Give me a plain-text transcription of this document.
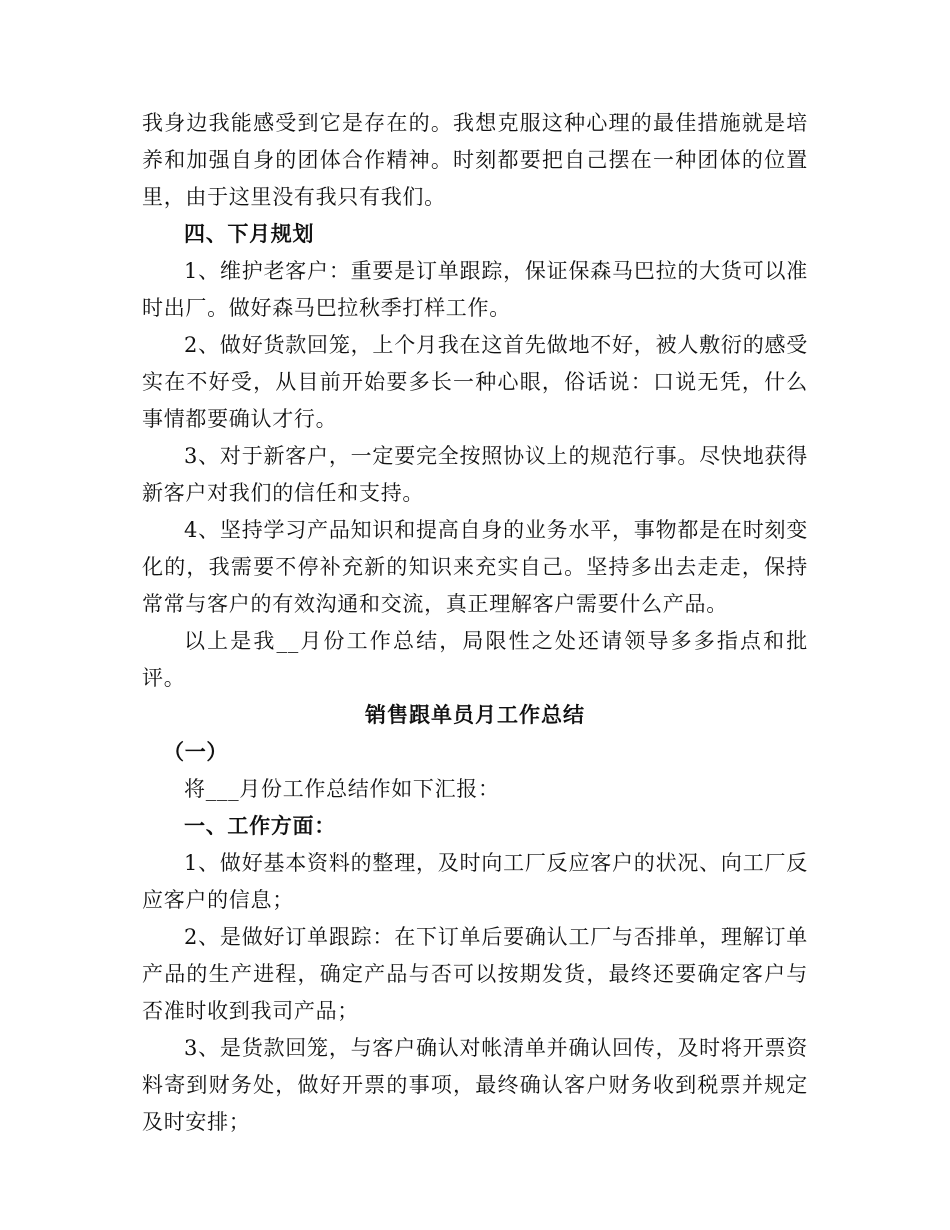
我身边我能感受到它是存在的。我想克服这种心理的最佳措施就是培养和加强自身的团体合作精神。时刻都要把自己摆在一种团体的位置里，由于这里没有我只有我们。

四、下月规划

1、维护老客户：重要是订单跟踪，保证保森马巴拉的大货可以准时出厂。做好森马巴拉秋季打样工作。

2、做好货款回笼，上个月我在这首先做地不好，被人敷衍的感受实在不好受，从目前开始要多长一种心眼，俗话说：口说无凭，什么事情都要确认才行。

3、对于新客户，一定要完全按照协议上的规范行事。尽快地获得新客户对我们的信任和支持。

4、坚持学习产品知识和提高自身的业务水平，事物都是在时刻变化的，我需要不停补充新的知识来充实自己。坚持多出去走走，保持常常与客户的有效沟通和交流，真正理解客户需要什么产品。

以上是我__月份工作总结，局限性之处还请领导多多指点和批评。

销售跟单员月工作总结

（一）

将___月份工作总结作如下汇报：

一、工作方面：

1、做好基本资料的整理，及时向工厂反应客户的状况、向工厂反应客户的信息；

2、是做好订单跟踪：在下订单后要确认工厂与否排单，理解订单产品的生产进程，确定产品与否可以按期发货，最终还要确定客户与否准时收到我司产品；

3、是货款回笼，与客户确认对帐清单并确认回传，及时将开票资料寄到财务处，做好开票的事项，最终确认客户财务收到税票并规定及时安排；
